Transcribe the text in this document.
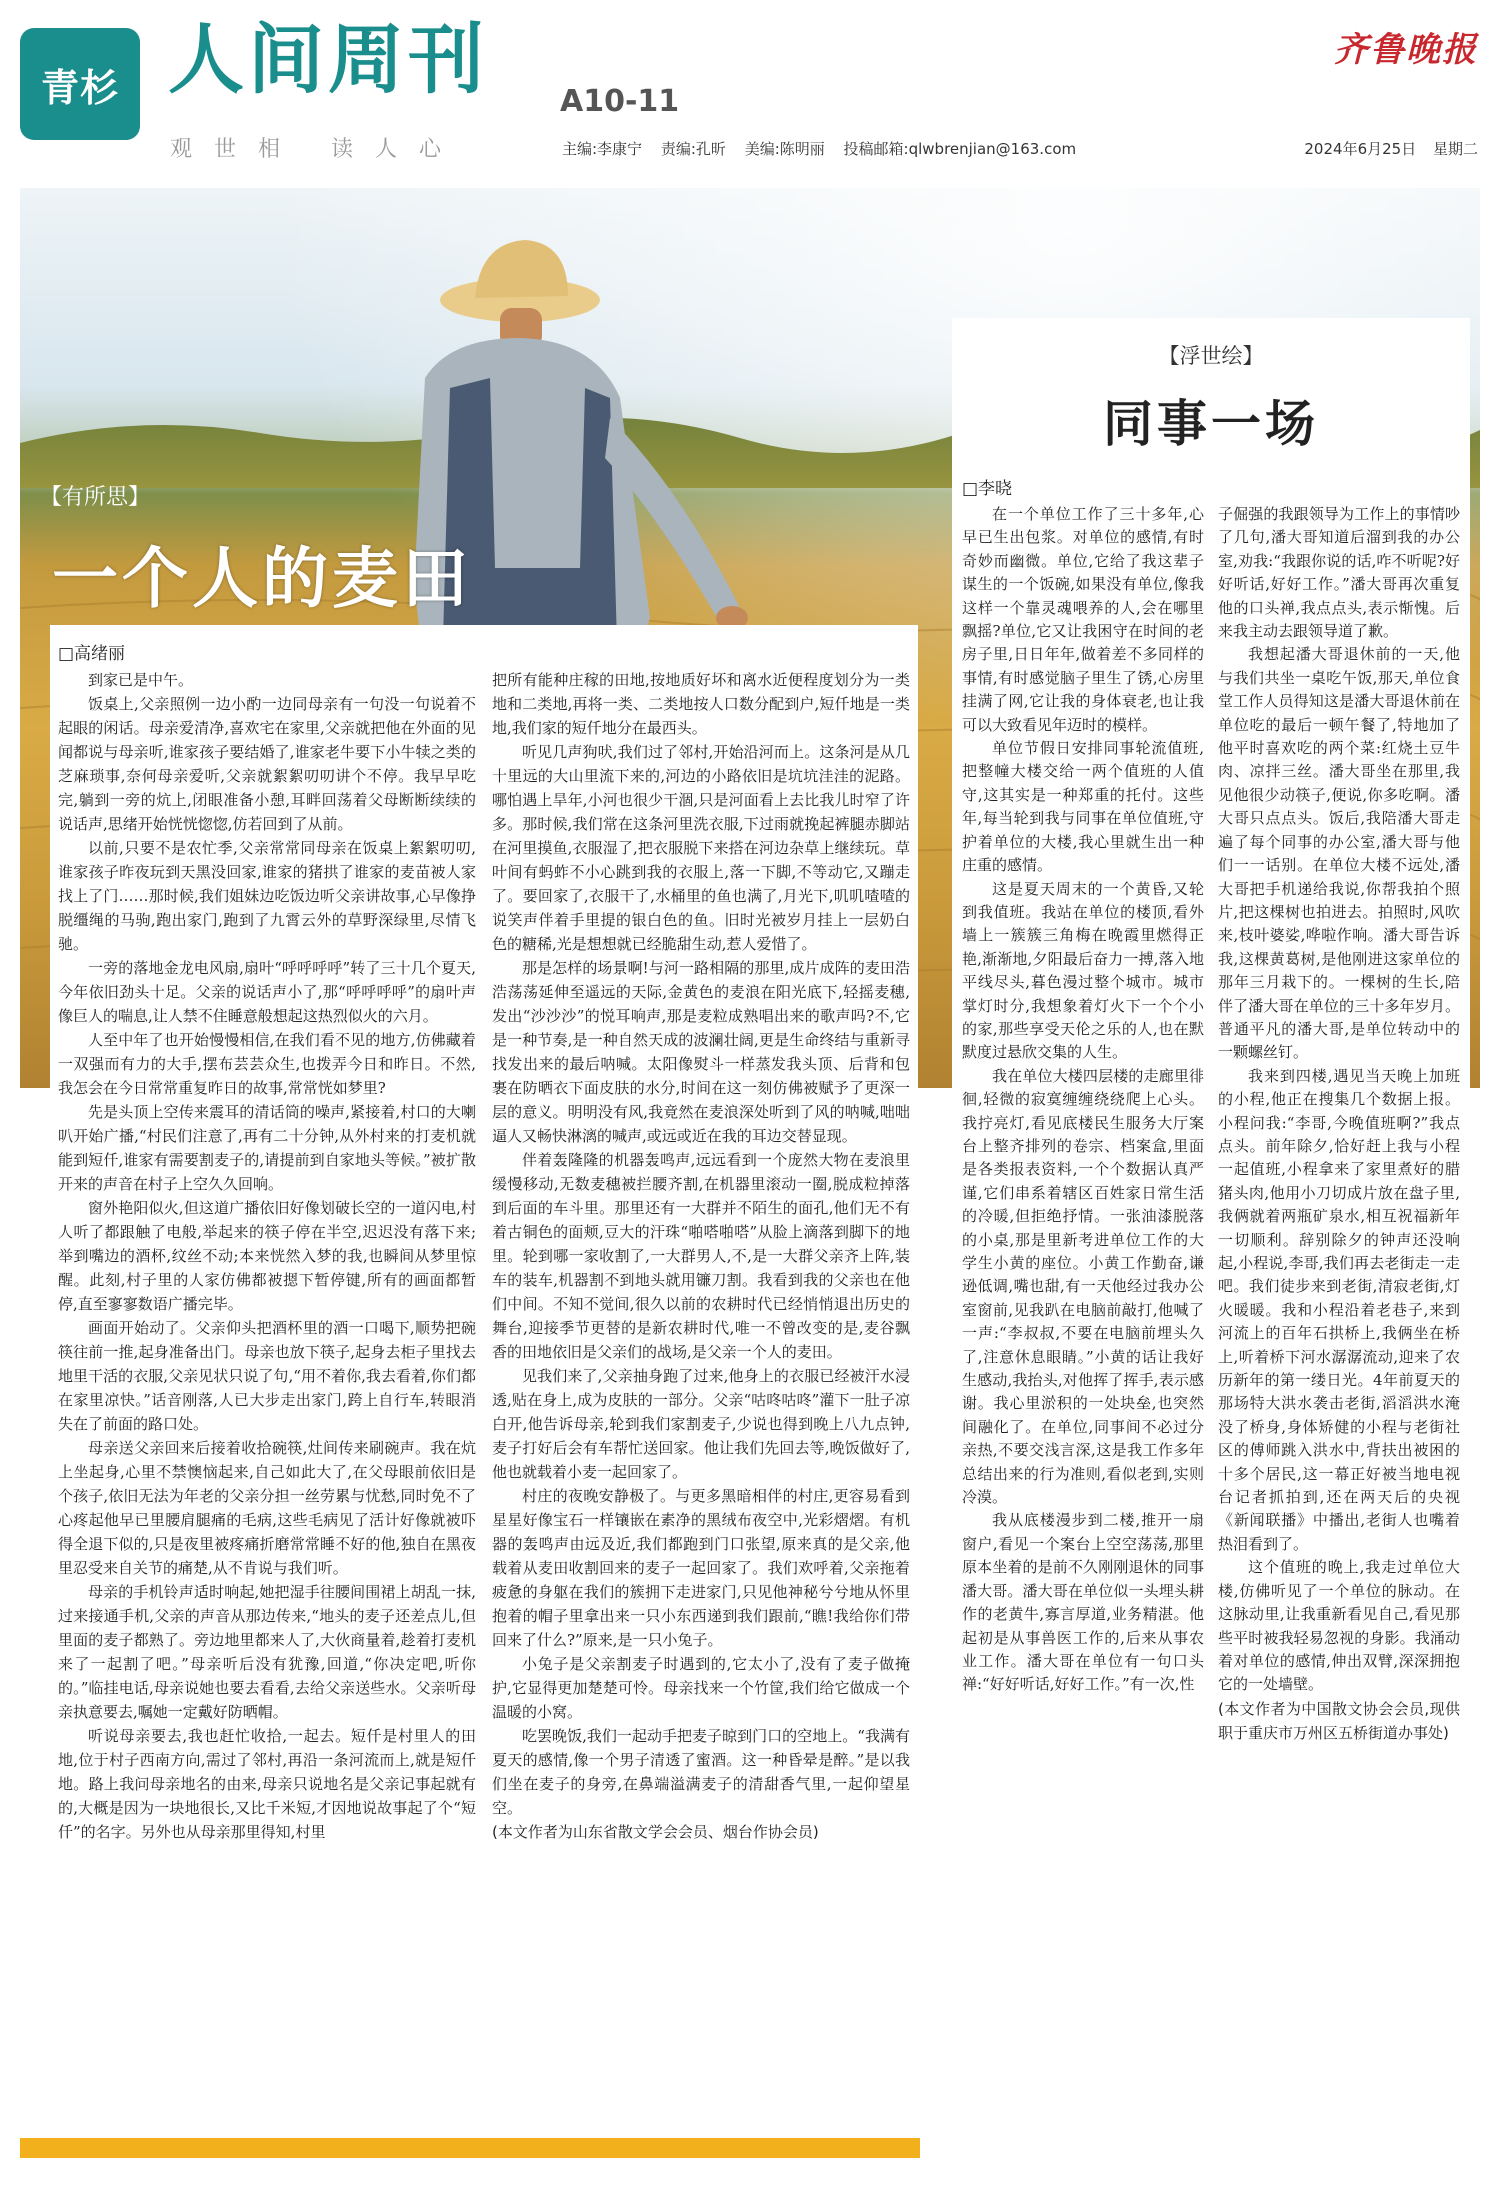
青杉 人间周刊 A10-11
齐鲁晚报
观世相 读人心	主编:李康宁 责编:孔昕 美编:陈明丽 投稿邮箱:qlwbrenjian@163.com	2024年6月25日 星期二
【有所思】
一个人的麦田
□高绪丽

到家已是中午。

饭桌上,父亲照例一边小酌一边同母亲有一句没一句说着不起眼的闲话。母亲爱清净,喜欢宅在家里,父亲就把他在外面的见闻都说与母亲听,谁家孩子要结婚了,谁家老牛要下小牛犊之类的芝麻琐事,奈何母亲爱听,父亲就絮絮叨叨讲个不停。我早早吃完,躺到一旁的炕上,闭眼准备小憩,耳畔回荡着父母断断续续的说话声,思绪开始恍恍惚惚,仿若回到了从前。

以前,只要不是农忙季,父亲常常同母亲在饭桌上絮絮叨叨,谁家孩子昨夜玩到天黑没回家,谁家的猪拱了谁家的麦苗被人家找上了门……那时候,我们姐妹边吃饭边听父亲讲故事,心早像挣脱缰绳的马驹,跑出家门,跑到了九霄云外的草野深绿里,尽情飞驰。

一旁的落地金龙电风扇,扇叶“呼呼呼呼”转了三十几个夏天,今年依旧劲头十足。父亲的说话声小了,那“呼呼呼呼”的扇叶声像巨人的喘息,让人禁不住睡意般想起这热烈似火的六月。

人至中年了也开始慢慢相信,在我们看不见的地方,仿佛藏着一双强而有力的大手,摆布芸芸众生,也拨弄今日和昨日。不然,我怎会在今日常常重复昨日的故事,常常恍如梦里?

先是头顶上空传来震耳的清话筒的噪声,紧接着,村口的大喇叭开始广播,“村民们注意了,再有二十分钟,从外村来的打麦机就能到短仟,谁家有需要割麦子的,请提前到自家地头等候。”被扩散开来的声音在村子上空久久回响。

窗外艳阳似火,但这道广播依旧好像划破长空的一道闪电,村人听了都跟触了电般,举起来的筷子停在半空,迟迟没有落下来;举到嘴边的酒杯,纹丝不动;本来恍然入梦的我,也瞬间从梦里惊醒。此刻,村子里的人家仿佛都被摁下暂停键,所有的画面都暂停,直至寥寥数语广播完毕。

画面开始动了。父亲仰头把酒杯里的酒一口喝下,顺势把碗筷往前一推,起身准备出门。母亲也放下筷子,起身去柜子里找去地里干活的衣服,父亲见状只说了句,“用不着你,我去看着,你们都在家里凉快。”话音刚落,人已大步走出家门,跨上自行车,转眼消失在了前面的路口处。

母亲送父亲回来后接着收拾碗筷,灶间传来刷碗声。我在炕上坐起身,心里不禁懊恼起来,自己如此大了,在父母眼前依旧是个孩子,依旧无法为年老的父亲分担一丝劳累与忧愁,同时免不了心疼起他早已里腰肩腿痛的毛病,这些毛病见了活计好像就被吓得全退下似的,只是夜里被疼痛折磨常常睡不好的他,独自在黑夜里忍受来自关节的痛楚,从不肯说与我们听。

母亲的手机铃声适时响起,她把湿手往腰间围裙上胡乱一抹,过来接通手机,父亲的声音从那边传来,“地头的麦子还差点儿,但里面的麦子都熟了。旁边地里都来人了,大伙商量着,趁着打麦机来了一起割了吧。”母亲听后没有犹豫,回道,“你决定吧,听你的。”临挂电话,母亲说她也要去看看,去给父亲送些水。父亲听母亲执意要去,嘱她一定戴好防晒帽。

听说母亲要去,我也赶忙收拾,一起去。短仟是村里人的田地,位于村子西南方向,需过了邻村,再沿一条河流而上,就是短仟地。路上我问母亲地名的由来,母亲只说地名是父亲记事起就有的,大概是因为一块地很长,又比千米短,才因地说故事起了个“短仟”的名字。另外也从母亲那里得知,村里

把所有能种庄稼的田地,按地质好坏和离水近便程度划分为一类地和二类地,再将一类、二类地按人口数分配到户,短仟地是一类地,我们家的短仟地分在最西头。

听见几声狗吠,我们过了邻村,开始沿河而上。这条河是从几十里远的大山里流下来的,河边的小路依旧是坑坑洼洼的泥路。哪怕遇上旱年,小河也很少干涸,只是河面看上去比我儿时窄了许多。那时候,我们常在这条河里洗衣服,下过雨就挽起裤腿赤脚站在河里摸鱼,衣服湿了,把衣服脱下来搭在河边杂草上继续玩。草叶间有蚂蚱不小心跳到我的衣服上,落一下脚,不等动它,又蹦走了。要回家了,衣服干了,水桶里的鱼也满了,月光下,叽叽喳喳的说笑声伴着手里提的银白色的鱼。旧时光被岁月挂上一层奶白色的糖稀,光是想想就已经脆甜生动,惹人爱惜了。

那是怎样的场景啊!与河一路相隔的那里,成片成阵的麦田浩浩荡荡延伸至遥远的天际,金黄色的麦浪在阳光底下,轻摇麦穗,发出“沙沙沙”的悦耳响声,那是麦粒成熟唱出来的歌声吗?不,它是一种节奏,是一种自然天成的波澜壮阔,更是生命终结与重新寻找发出来的最后呐喊。太阳像熨斗一样蒸发我头顶、后背和包裹在防晒衣下面皮肤的水分,时间在这一刻仿佛被赋予了更深一层的意义。明明没有风,我竟然在麦浪深处听到了风的呐喊,咄咄逼人又畅快淋漓的喊声,或远或近在我的耳边交替显现。

伴着轰隆隆的机器轰鸣声,远远看到一个庞然大物在麦浪里缓慢移动,无数麦穗被拦腰齐割,在机器里滚动一圈,脱成粒掉落到后面的车斗里。那里还有一大群并不陌生的面孔,他们无不有着古铜色的面颊,豆大的汗珠“啪嗒啪嗒”从脸上滴落到脚下的地里。轮到哪一家收割了,一大群男人,不,是一大群父亲齐上阵,装车的装车,机器割不到地头就用镰刀割。我看到我的父亲也在他们中间。不知不觉间,很久以前的农耕时代已经悄悄退出历史的舞台,迎接季节更替的是新农耕时代,唯一不曾改变的是,麦谷飘香的田地依旧是父亲们的战场,是父亲一个人的麦田。

见我们来了,父亲抽身跑了过来,他身上的衣服已经被汗水浸透,贴在身上,成为皮肤的一部分。父亲“咕咚咕咚”灌下一肚子凉白开,他告诉母亲,轮到我们家割麦子,少说也得到晚上八九点钟,麦子打好后会有车帮忙送回家。他让我们先回去等,晚饭做好了,他也就载着小麦一起回家了。

村庄的夜晚安静极了。与更多黑暗相伴的村庄,更容易看到星星好像宝石一样镶嵌在素净的黑绒布夜空中,光彩熠熠。有机器的轰鸣声由远及近,我们都跑到门口张望,原来真的是父亲,他载着从麦田收割回来的麦子一起回家了。我们欢呼着,父亲拖着疲惫的身躯在我们的簇拥下走进家门,只见他神秘兮兮地从怀里抱着的帽子里拿出来一只小东西递到我们跟前,“瞧!我给你们带回来了什么?”原来,是一只小兔子。

小兔子是父亲割麦子时遇到的,它太小了,没有了麦子做掩护,它显得更加楚楚可怜。母亲找来一个竹筐,我们给它做成一个温暖的小窝。

吃罢晚饭,我们一起动手把麦子晾到门口的空地上。“我满有夏天的感情,像一个男子清透了蜜酒。这一种昏晕是醉。”是以我们坐在麦子的身旁,在鼻端溢满麦子的清甜香气里,一起仰望星空。

(本文作者为山东省散文学会会员、烟台作协会员)
【浮世绘】
同事一场
□李晓

在一个单位工作了三十多年,心早已生出包浆。对单位的感情,有时奇妙而幽微。单位,它给了我这辈子谋生的一个饭碗,如果没有单位,像我这样一个靠灵魂喂养的人,会在哪里飘摇?单位,它又让我困守在时间的老房子里,日日年年,做着差不多同样的事情,有时感觉脑子里生了锈,心房里挂满了网,它让我的身体衰老,也让我可以大致看见年迈时的模样。

单位节假日安排同事轮流值班,把整幢大楼交给一两个值班的人值守,这其实是一种郑重的托付。这些年,每当轮到我与同事在单位值班,守护着单位的大楼,我心里就生出一种庄重的感情。

这是夏天周末的一个黄昏,又轮到我值班。我站在单位的楼顶,看外墙上一簇簇三角梅在晚霞里燃得正艳,渐渐地,夕阳最后奋力一搏,落入地平线尽头,暮色漫过整个城市。城市掌灯时分,我想象着灯火下一个个小的家,那些享受天伦之乐的人,也在默默度过悬欣交集的人生。

我在单位大楼四层楼的走廊里徘徊,轻微的寂寞缠缠绕绕爬上心头。我拧亮灯,看见底楼民生服务大厅案台上整齐排列的卷宗、档案盒,里面是各类报表资料,一个个数据认真严谨,它们串系着辖区百姓家日常生活的冷暖,但拒绝抒情。一张油漆脱落的小桌,那是里新考进单位工作的大学生小黄的座位。小黄工作勤奋,谦逊低调,嘴也甜,有一天他经过我办公室窗前,见我趴在电脑前敲打,他喊了一声:“李叔叔,不要在电脑前埋头久了,注意休息眼睛。”小黄的话让我好生感动,我抬头,对他挥了挥手,表示感谢。我心里淤积的一处块垒,也突然间融化了。在单位,同事间不必过分亲热,不要交浅言深,这是我工作多年总结出来的行为准则,看似老到,实则冷漠。

我从底楼漫步到二楼,推开一扇窗户,看见一个案台上空空荡荡,那里原本坐着的是前不久刚刚退休的同事潘大哥。潘大哥在单位似一头埋头耕作的老黄牛,寡言厚道,业务精湛。他起初是从事兽医工作的,后来从事农业工作。潘大哥在单位有一句口头禅:“好好听话,好好工作。”有一次,性

子倔强的我跟领导为工作上的事情吵了几句,潘大哥知道后溜到我的办公室,劝我:“我跟你说的话,咋不听呢?好好听话,好好工作。”潘大哥再次重复他的口头禅,我点点头,表示惭愧。后来我主动去跟领导道了歉。

我想起潘大哥退休前的一天,他与我们共坐一桌吃午饭,那天,单位食堂工作人员得知这是潘大哥退休前在单位吃的最后一顿午餐了,特地加了他平时喜欢吃的两个菜:红烧土豆牛肉、凉拌三丝。潘大哥坐在那里,我见他很少动筷子,便说,你多吃啊。潘大哥只点点头。饭后,我陪潘大哥走遍了每个同事的办公室,潘大哥与他们一一话别。在单位大楼不远处,潘大哥把手机递给我说,你帮我拍个照片,把这棵树也拍进去。拍照时,风吹来,枝叶婆娑,哗啦作响。潘大哥告诉我,这棵黄葛树,是他刚进这家单位的那年三月栽下的。一棵树的生长,陪伴了潘大哥在单位的三十多年岁月。普通平凡的潘大哥,是单位转动中的一颗螺丝钉。

我来到四楼,遇见当天晚上加班的小程,他正在搜集几个数据上报。小程问我:“李哥,今晚值班啊?”我点点头。前年除夕,恰好赶上我与小程一起值班,小程拿来了家里煮好的腊猪头肉,他用小刀切成片放在盘子里,我俩就着两瓶矿泉水,相互祝福新年一切顺利。辞别除夕的钟声还没响起,小程说,李哥,我们再去老街走一走吧。我们徒步来到老街,清寂老街,灯火暖暖。我和小程沿着老巷子,来到河流上的百年石拱桥上,我俩坐在桥上,听着桥下河水潺潺流动,迎来了农历新年的第一缕日光。4年前夏天的那场特大洪水袭击老街,滔滔洪水淹没了桥身,身体矫健的小程与老街社区的傅师跳入洪水中,背扶出被困的十多个居民,这一幕正好被当地电视台记者抓拍到,还在两天后的央视《新闻联播》中播出,老街人也嘴着热泪看到了。

这个值班的晚上,我走过单位大楼,仿佛听见了一个单位的脉动。在这脉动里,让我重新看见自己,看见那些平时被我轻易忽视的身影。我涌动着对单位的感情,伸出双臂,深深拥抱它的一处墙壁。

(本文作者为中国散文协会会员,现供职于重庆市万州区五桥街道办事处)
